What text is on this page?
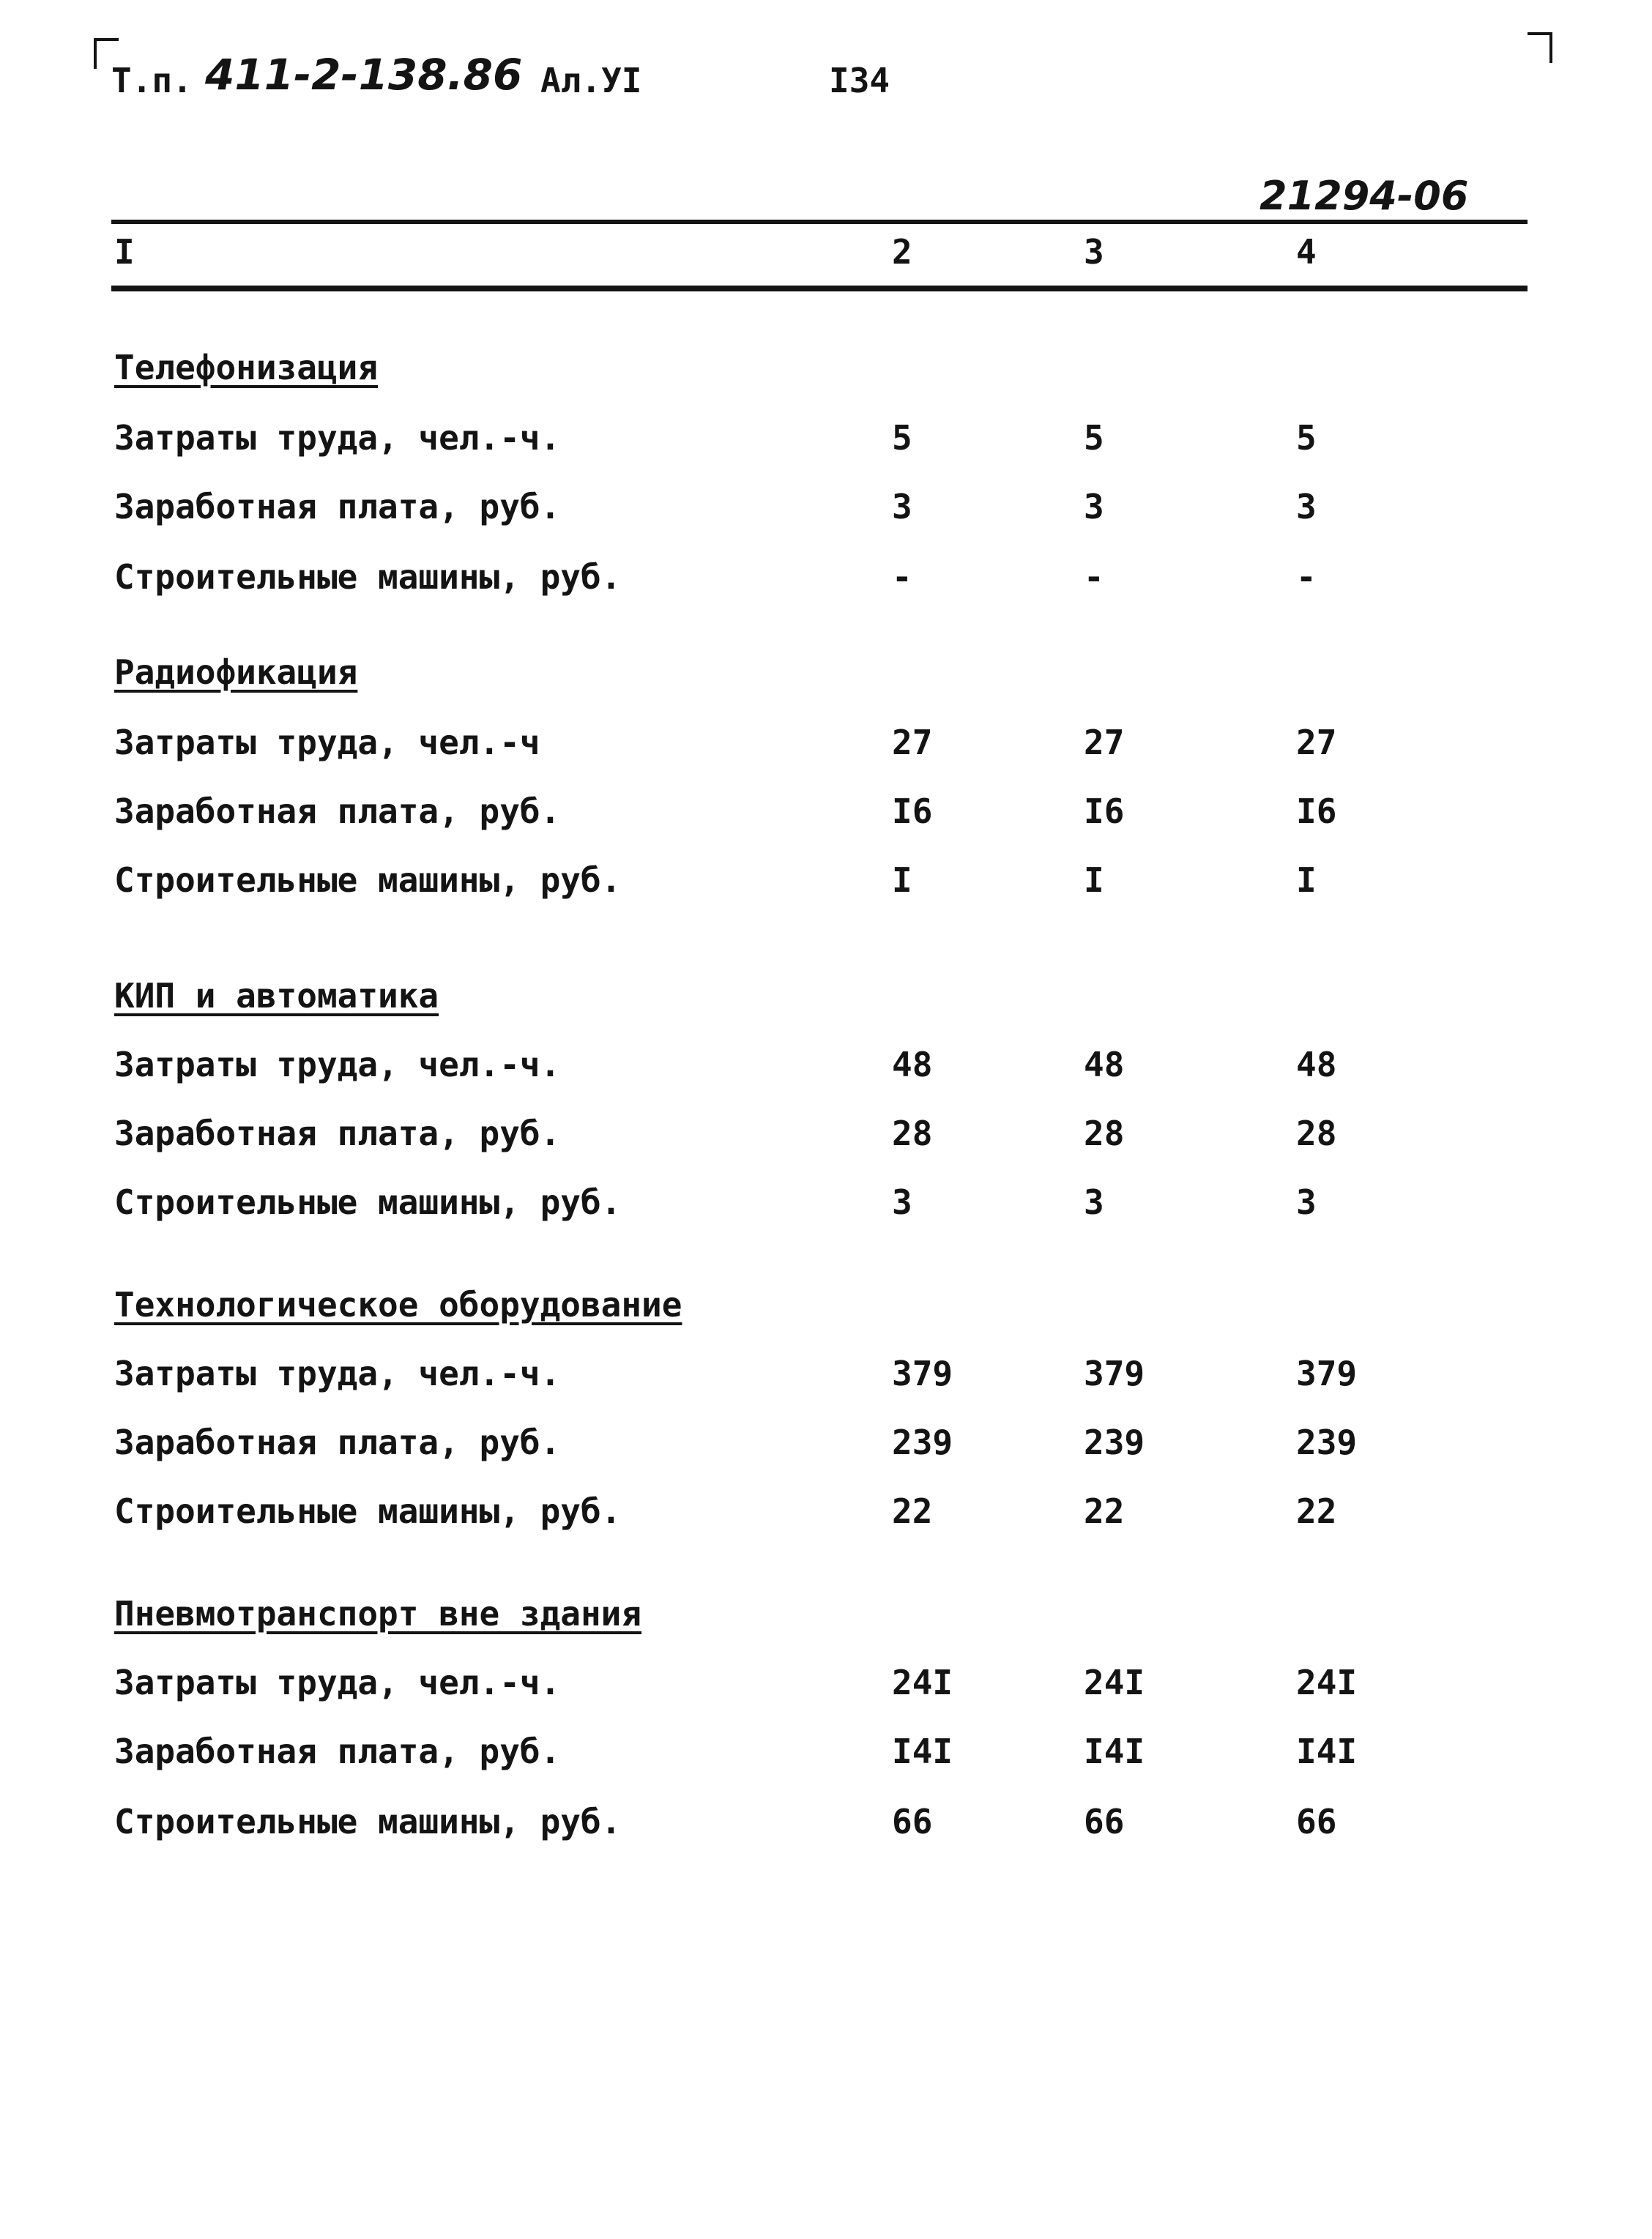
Т.п. 411-2-138.86 Ал.УI	I34
21294-06
I	2	3	4
Телефонизация
Затраты труда, чел.-ч.	5	5	5
Заработная плата, руб.	3	3	3
Строительные машины, руб.	-	-	-
Радиофикация
Затраты труда, чел.-ч	27	27	27
Заработная плата, руб.	I6	I6	I6
Строительные машины, руб.	I	I	I
КИП и автоматика
Затраты труда, чел.-ч.	48	48	48
Заработная плата, руб.	28	28	28
Строительные машины, руб.	3	3	3
Технологическое оборудование
Затраты труда, чел.-ч.	379	379	379
Заработная плата, руб.	239	239	239
Строительные машины, руб.	22	22	22
Пневмотранспорт вне здания
Затраты труда, чел.-ч.	24I	24I	24I
Заработная плата, руб.	I4I	I4I	I4I
Строительные машины, руб.	66	66	66
